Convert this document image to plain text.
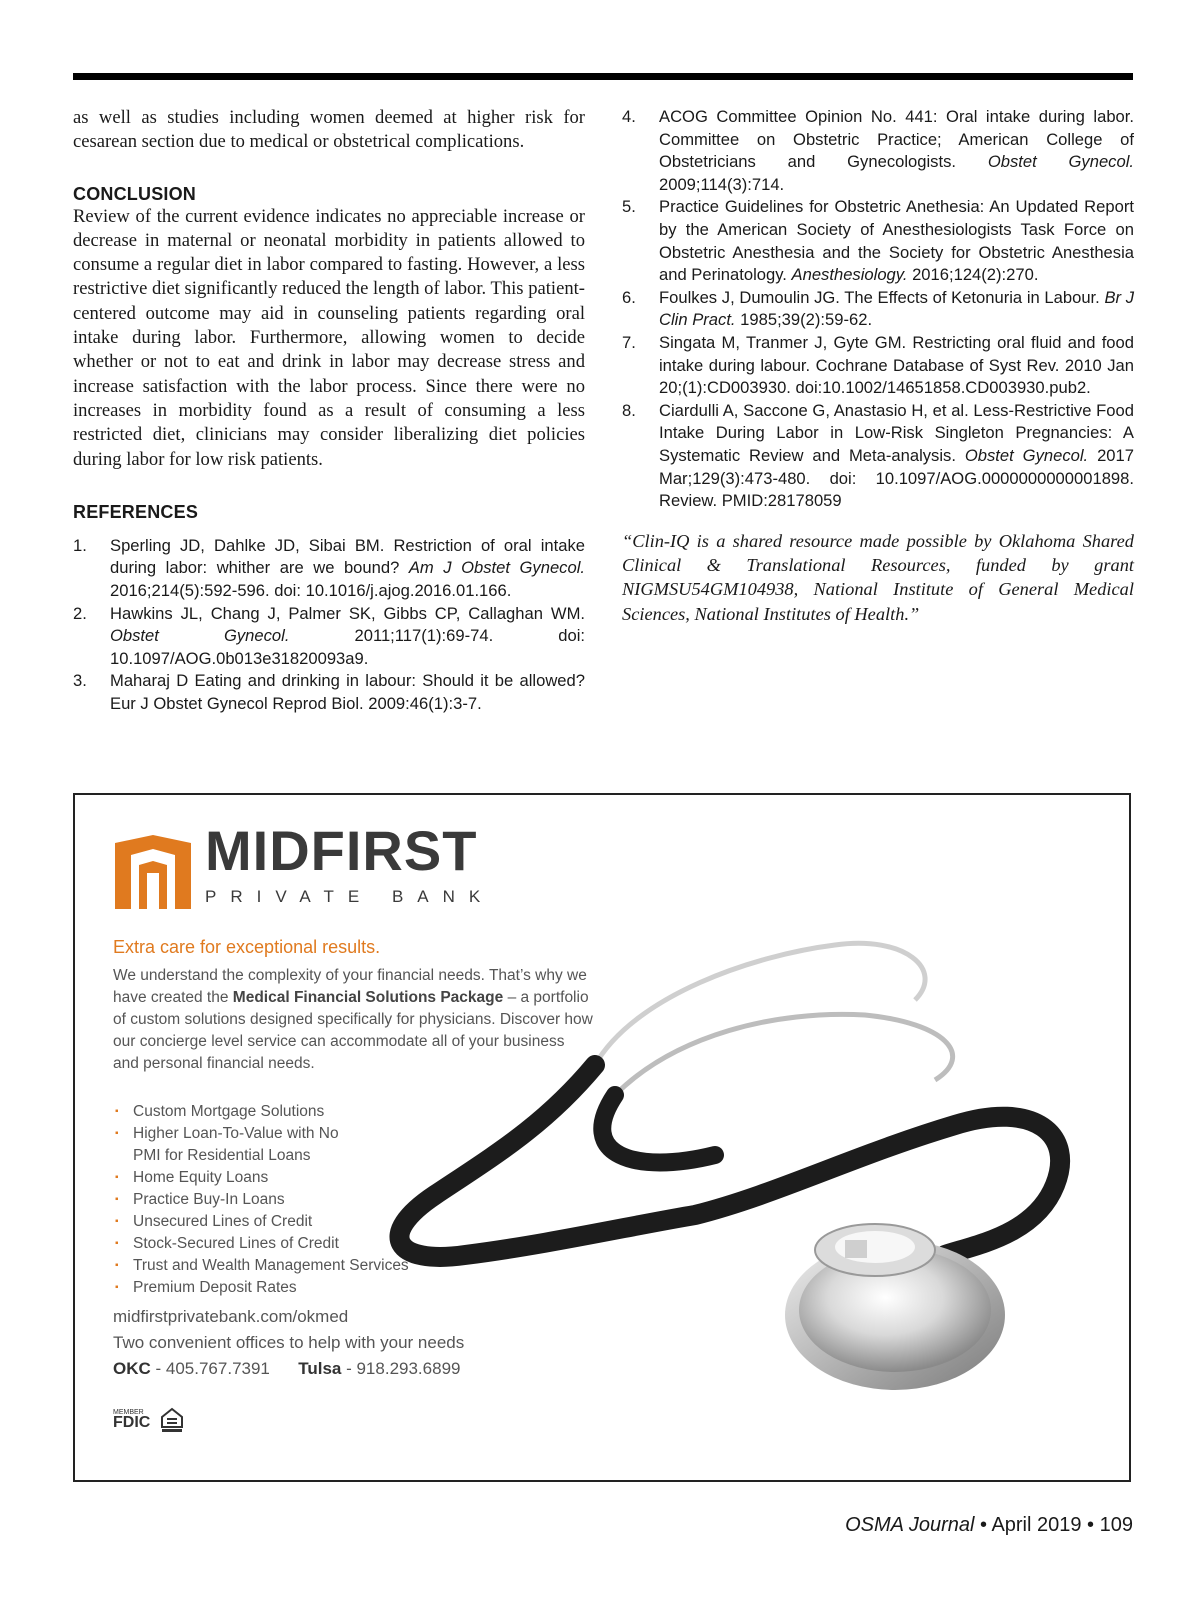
as well as studies including women deemed at higher risk for cesarean section due to medical or obstetrical complications.

CONCLUSION

Review of the current evidence indicates no appreciable increase or decrease in maternal or neonatal morbidity in patients allowed to consume a regular diet in labor compared to fasting. However, a less restrictive diet significantly reduced the length of labor. This patient-centered outcome may aid in counseling patients regarding oral intake during labor. Furthermore, allowing women to decide whether or not to eat and drink in labor may decrease stress and increase satisfaction with the labor process. Since there were no increases in morbidity found as a result of consuming a less restricted diet, clinicians may consider liberalizing diet policies during labor for low risk patients.

REFERENCES
1. Sperling JD, Dahlke JD, Sibai BM. Restriction of oral intake during labor: whither are we bound? Am J Obstet Gynecol. 2016;214(5):592-596. doi: 10.1016/j.ajog.2016.01.166.
2. Hawkins JL, Chang J, Palmer SK, Gibbs CP, Callaghan WM. Obstet Gynecol. 2011;117(1):69-74. doi: 10.1097/AOG.0b013e31820093a9.
3. Maharaj D Eating and drinking in labour: Should it be allowed? Eur J Obstet Gynecol Reprod Biol. 2009:46(1):3-7.
4. ACOG Committee Opinion No. 441: Oral intake during labor. Committee on Obstetric Practice; American College of Obstetricians and Gynecologists. Obstet Gynecol. 2009;114(3):714.
5. Practice Guidelines for Obstetric Anethesia: An Updated Report by the American Society of Anesthesiologists Task Force on Obstetric Anesthesia and the Society for Obstetric Anesthesia and Perinatology. Anesthesiology. 2016;124(2):270.
6. Foulkes J, Dumoulin JG. The Effects of Ketonuria in Labour. Br J Clin Pract. 1985;39(2):59-62.
7. Singata M, Tranmer J, Gyte GM. Restricting oral fluid and food intake during labour. Cochrane Database of Syst Rev. 2010 Jan 20;(1):CD003930. doi:10.1002/14651858.CD003930.pub2.
8. Ciardulli A, Saccone G, Anastasio H, et al. Less-Restrictive Food Intake During Labor in Low-Risk Singleton Pregnancies: A Systematic Review and Meta-analysis. Obstet Gynecol. 2017 Mar;129(3):473-480. doi: 10.1097/AOG.0000000000001898. Review. PMID:28178059

“Clin-IQ is a shared resource made possible by Oklahoma Shared Clinical & Translational Resources, funded by grant NIGMSU54GM104938, National Institute of General Medical Sciences, National Institutes of Health.”

MIDFIRST
PRIVATE BANK
Extra care for exceptional results.
We understand the complexity of your financial needs. That’s why we have created the Medical Financial Solutions Package – a portfolio of custom solutions designed specifically for physicians. Discover how our concierge level service can accommodate all of your business and personal financial needs.
▪ Custom Mortgage Solutions
▪ Higher Loan-To-Value with No PMI for Residential Loans
▪ Home Equity Loans
▪ Practice Buy-In Loans
▪ Unsecured Lines of Credit
▪ Stock-Secured Lines of Credit
▪ Trust and Wealth Management Services
▪ Premium Deposit Rates
midfirstprivatebank.com/okmed
Two convenient offices to help with your needs
OKC - 405.767.7391 Tulsa - 918.293.6899
MEMBER
FDIC
OSMA Journal • April 2019 • 109
